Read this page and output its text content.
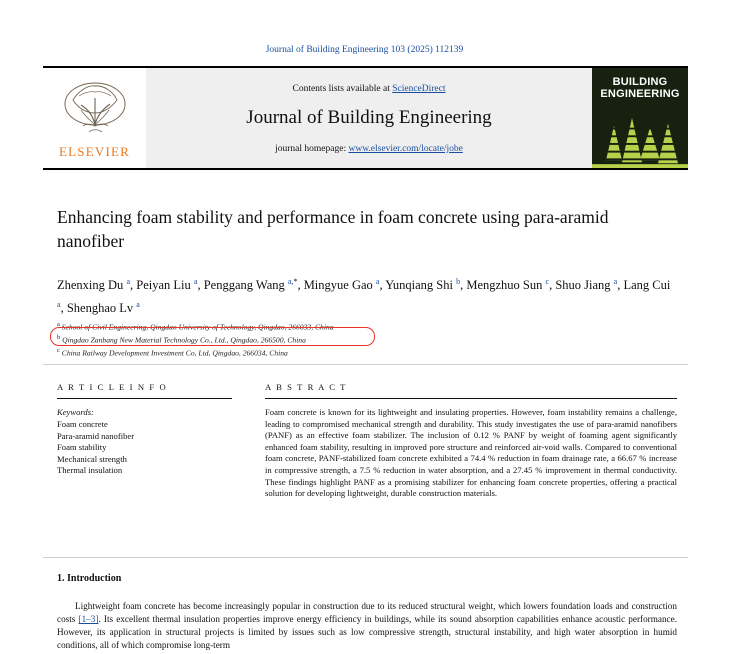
Journal of Building Engineering 103 (2025) 112139
ELSEVIER
Contents lists available at ScienceDirect
Journal of Building Engineering
journal homepage: www.elsevier.com/locate/jobe
BUILDING
ENGINEERING
Enhancing foam stability and performance in foam concrete using para-aramid nanofiber
Zhenxing Du $^a$, Peiyan Liu $^a$, Penggang Wang $^{a,*}$, Mingyue Gao $^a$, Yunqiang Shi $^b$, Mengzhuo Sun $^c$, Shuo Jiang $^a$, Lang Cui $^a$, Shenghao Lv $^a$
$^a$ School of Civil Engineering, Qingdao University of Technology, Qingdao, 266033, China
$^b$ Qingdao Zanbang New Material Technology Co., Ltd., Qingdao, 266500, China
$^c$ China Railway Development Investment Co, Ltd, Qingdao, 266034, China
A R T I C L E I N F O
Keywords:
Foam concrete
Para-aramid nanofiber
Foam stability
Mechanical strength
Thermal insulation
A B S T R A C T
Foam concrete is known for its lightweight and insulating properties. However, foam instability remains a challenge, leading to compromised mechanical strength and durability. This study investigates the use of para-aramid nanofibers (PANF) as an effective foam stabilizer. The inclusion of 0.12 % PANF by weight of foaming agent significantly enhanced foam stability, resulting in improved pore structure and reinforced air-void walls. Compared to conventional foam concrete, PANF-stabilized foam concrete exhibited a 74.4 % reduction in foam drainage rate, a 66.67 % increase in compressive strength, a 7.5 % reduction in water absorption, and a 27.45 % improvement in thermal conductivity. These findings highlight PANF as a promising stabilizer for enhancing foam concrete properties, offering a practical solution for developing lightweight, durable construction materials.
1. Introduction
Lightweight foam concrete has become increasingly popular in construction due to its reduced structural weight, which lowers foundation loads and construction costs [1–3]. Its excellent thermal insulation properties improve energy efficiency in buildings, while its sound absorption capabilities enhance acoustic performance. However, its application in structural projects is limited by issues such as low compressive strength, structural instability, and high water absorption in humid conditions, all of which compromise long-term
